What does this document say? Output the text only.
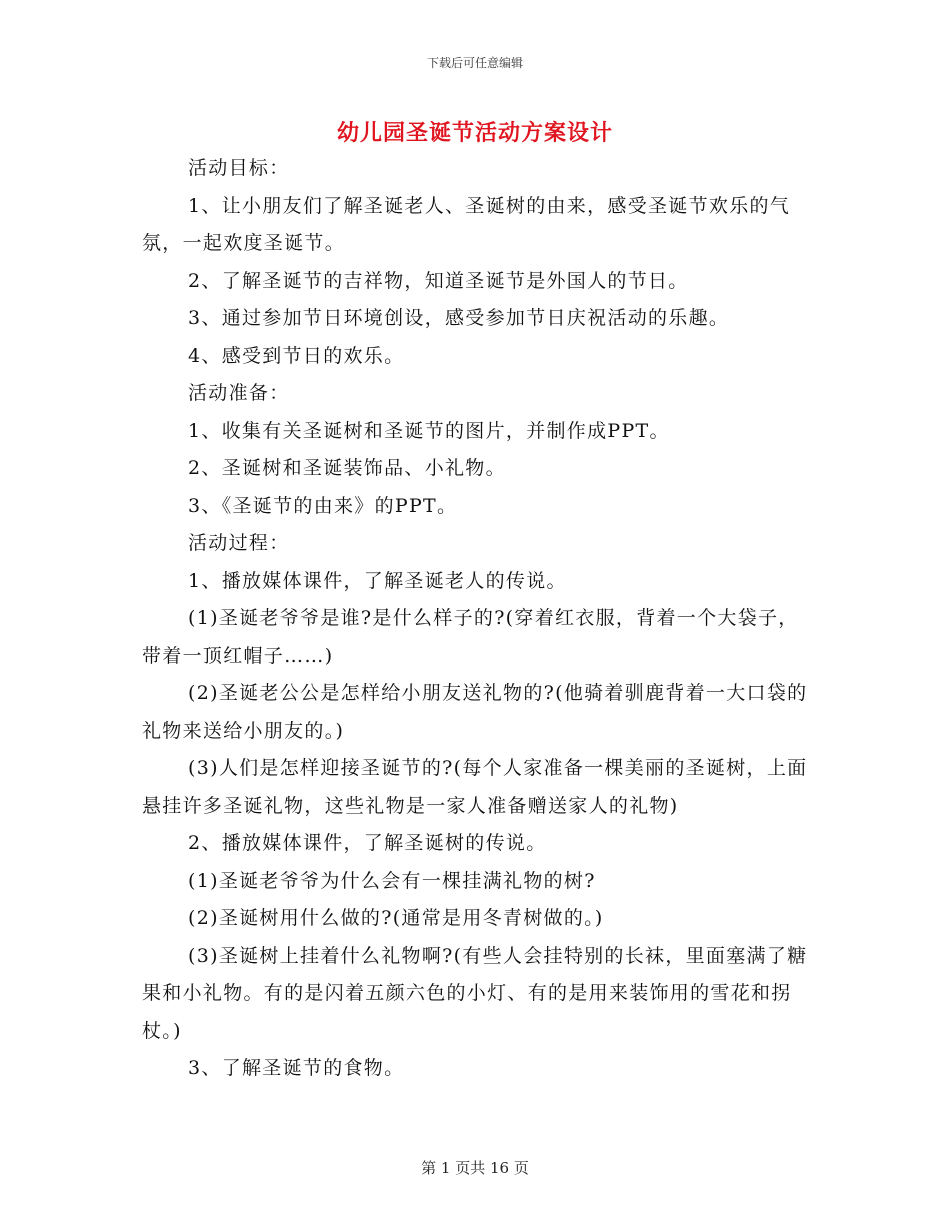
下载后可任意编辑
幼儿园圣诞节活动方案设计

活动目标：

1、让小朋友们了解圣诞老人、圣诞树的由来，感受圣诞节欢乐的气氛，一起欢度圣诞节。

2、了解圣诞节的吉祥物，知道圣诞节是外国人的节日。

3、通过参加节日环境创设，感受参加节日庆祝活动的乐趣。

4、感受到节日的欢乐。

活动准备：

1、收集有关圣诞树和圣诞节的图片，并制作成PPT。

2、圣诞树和圣诞装饰品、小礼物。

3、《圣诞节的由来》的PPT。

活动过程：

1、播放媒体课件，了解圣诞老人的传说。

(1)圣诞老爷爷是谁?是什么样子的?(穿着红衣服，背着一个大袋子，带着一顶红帽子……)

(2)圣诞老公公是怎样给小朋友送礼物的?(他骑着驯鹿背着一大口袋的礼物来送给小朋友的。)

(3)人们是怎样迎接圣诞节的?(每个人家准备一棵美丽的圣诞树，上面悬挂许多圣诞礼物，这些礼物是一家人准备赠送家人的礼物)

2、播放媒体课件，了解圣诞树的传说。

(1)圣诞老爷爷为什么会有一棵挂满礼物的树?

(2)圣诞树用什么做的?(通常是用冬青树做的。)

(3)圣诞树上挂着什么礼物啊?(有些人会挂特别的长袜，里面塞满了糖果和小礼物。有的是闪着五颜六色的小灯、有的是用来装饰用的雪花和拐杖。)

3、了解圣诞节的食物。

第 1 页共 16 页
